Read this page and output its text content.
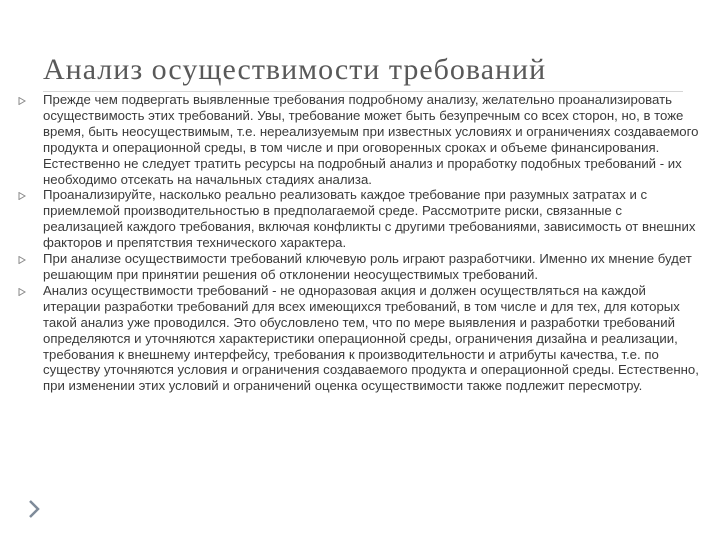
Анализ осуществимости требований
Прежде чем подвергать выявленные требования подробному анализу, желательно проанализировать осуществимость этих требований. Увы, требование может быть безупречным со всех сторон, но, в тоже время, быть неосуществимым, т.е. нереализуемым при известных условиях и ограничениях создаваемого продукта и операционной среды, в том числе и при оговоренных сроках и объеме финансирования. Естественно не следует тратить ресурсы на подробный анализ и проработку подобных требований - их необходимо отсекать на начальных стадиях анализа.
Проанализируйте, насколько реально реализовать каждое требование при разумных затратах и с приемлемой производительностью в предполагаемой среде. Рассмотрите риски, связанные с реализацией каждого требования, включая конфликты с другими требованиями, зависимость от внешних факторов и препятствия технического характера.
При анализе осуществимости требований ключевую роль играют разработчики. Именно их мнение будет решающим при принятии решения об отклонении неосуществимых требований.
Анализ осуществимости требований - не одноразовая акция и должен осуществляться на каждой итерации разработки требований для всех имеющихся требований, в том числе и для тех, для которых такой анализ уже проводился. Это обусловлено тем, что по мере выявления и разработки требований определяются и уточняются характеристики операционной среды, ограничения дизайна и реализации, требования к внешнему интерфейсу, требования к производительности и атрибуты качества, т.е. по существу уточняются условия и ограничения создаваемого продукта и операционной среды. Естественно, при изменении этих условий и ограничений оценка осуществимости также подлежит пересмотру.
